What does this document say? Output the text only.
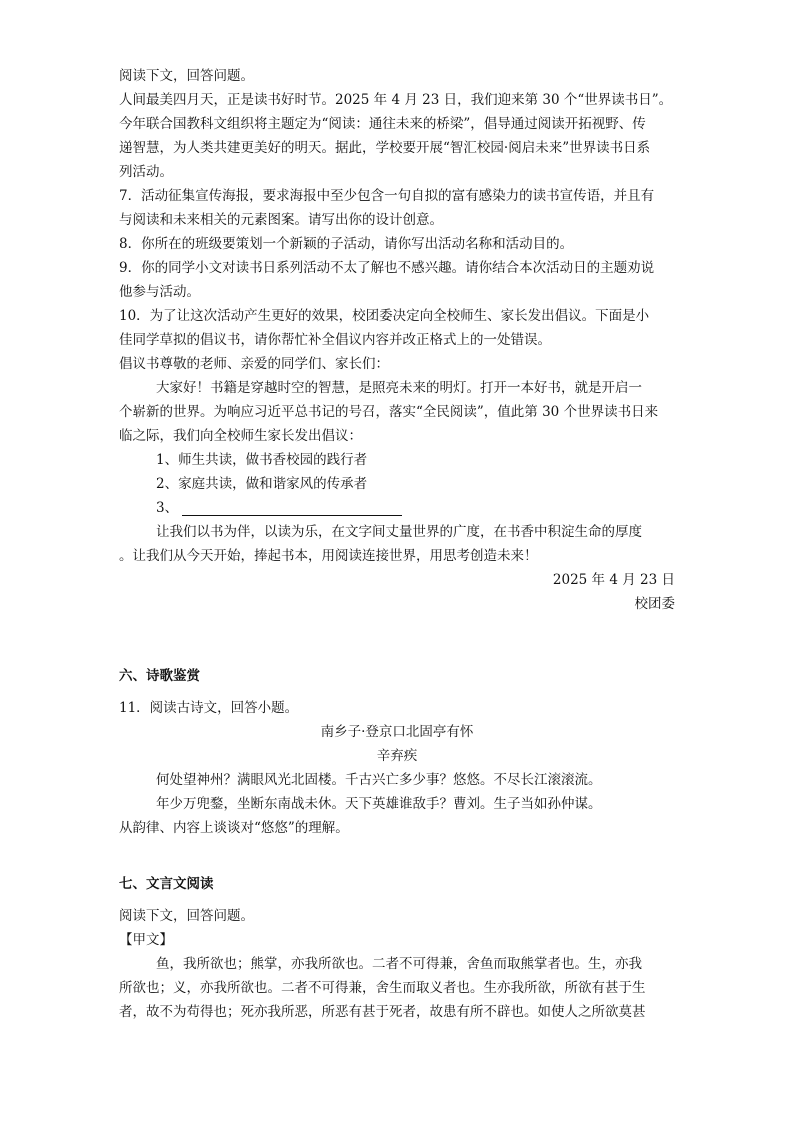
阅读下文，回答问题。
人间最美四月天，正是读书好时节。2025 年 4 月 23 日，我们迎来第 30 个“世界读书日”。
今年联合国教科文组织将主题定为“阅读：通往未来的桥梁”，倡导通过阅读开拓视野、传
递智慧，为人类共建更美好的明天。据此，学校要开展“智汇校园·阅启未来”世界读书日系
列活动。
7．活动征集宣传海报，要求海报中至少包含一句自拟的富有感染力的读书宣传语，并且有
与阅读和未来相关的元素图案。请写出你的设计创意。
8．你所在的班级要策划一个新颖的子活动，请你写出活动名称和活动目的。
9．你的同学小文对读书日系列活动不太了解也不感兴趣。请你结合本次活动日的主题劝说
他参与活动。
10．为了让这次活动产生更好的效果，校团委决定向全校师生、家长发出倡议。下面是小
佳同学草拟的倡议书，请你帮忙补全倡议内容并改正格式上的一处错误。
倡议书尊敬的老师、亲爱的同学们、家长们：
大家好！书籍是穿越时空的智慧，是照亮未来的明灯。打开一本好书，就是开启一
个崭新的世界。为响应习近平总书记的号召，落实“全民阅读”，值此第 30 个世界读书日来
临之际，我们向全校师生家长发出倡议：
1、师生共读，做书香校园的践行者
2、家庭共读，做和谐家风的传承者
3、
让我们以书为伴，以读为乐，在文字间丈量世界的广度，在书香中积淀生命的厚度
。让我们从今天开始，捧起书本，用阅读连接世界，用思考创造未来！
2025 年 4 月 23 日
校团委
六、诗歌鉴赏
11．阅读古诗文，回答小题。
南乡子·登京口北固亭有怀
辛弃疾
何处望神州？满眼风光北固楼。千古兴亡多少事？悠悠。不尽长江滚滚流。
年少万兜鍪，坐断东南战未休。天下英雄谁敌手？曹刘。生子当如孙仲谋。
从韵律、内容上谈谈对“悠悠”的理解。
七、文言文阅读
阅读下文，回答问题。
【甲文】
鱼，我所欲也；熊掌，亦我所欲也。二者不可得兼，舍鱼而取熊掌者也。生，亦我
所欲也；义，亦我所欲也。二者不可得兼，舍生而取义者也。生亦我所欲，所欲有甚于生
者，故不为苟得也；死亦我所恶，所恶有甚于死者，故患有所不辟也。如使人之所欲莫甚
